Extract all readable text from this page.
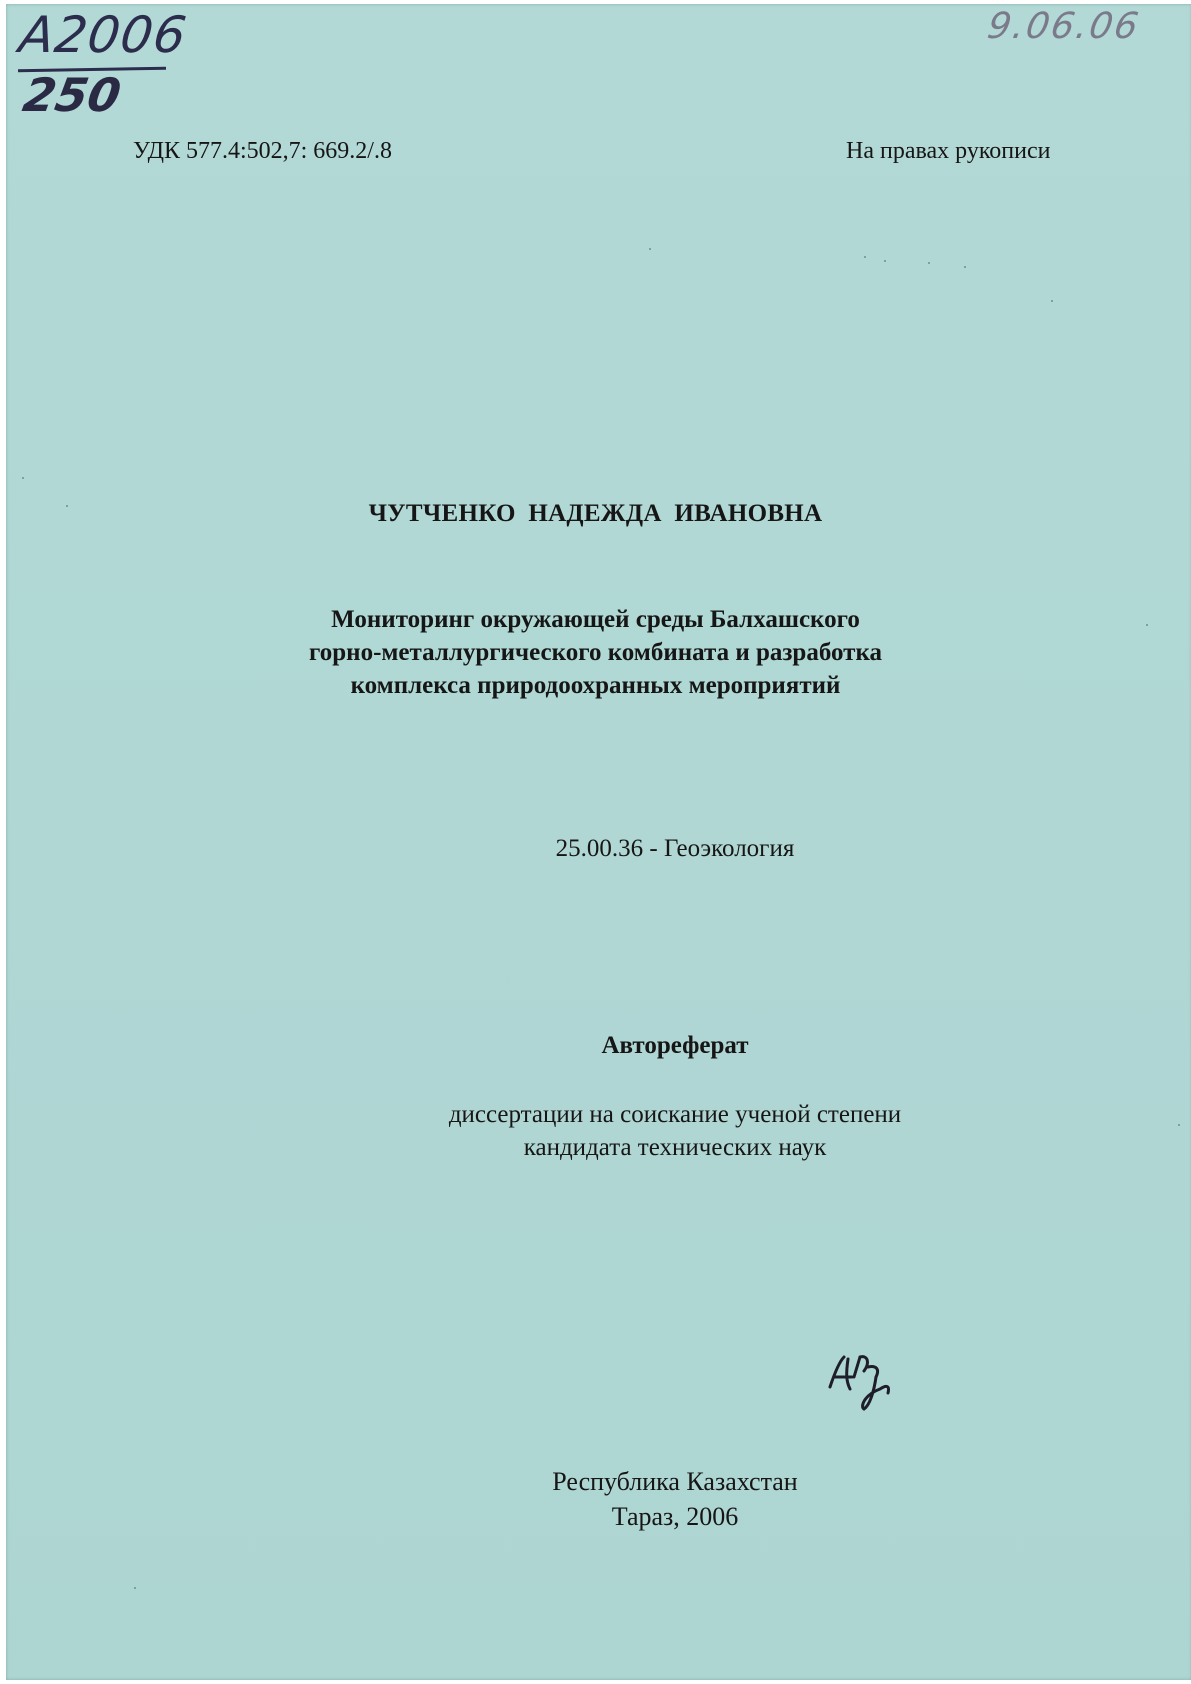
А2006
250
9.06.06
УДК 577.4:502,7: 669.2/.8	На правах рукописи
ЧУТЧЕНКО НАДЕЖДА ИВАНОВНА
Мониторинг окружающей среды Балхашского
горно-металлургического комбината и разработка
комплекса природоохранных мероприятий
25.00.36 - Геоэкология
Автореферат
диссертации на соискание ученой степени
кандидата технических наук
Республика Казахстан
Тараз, 2006
